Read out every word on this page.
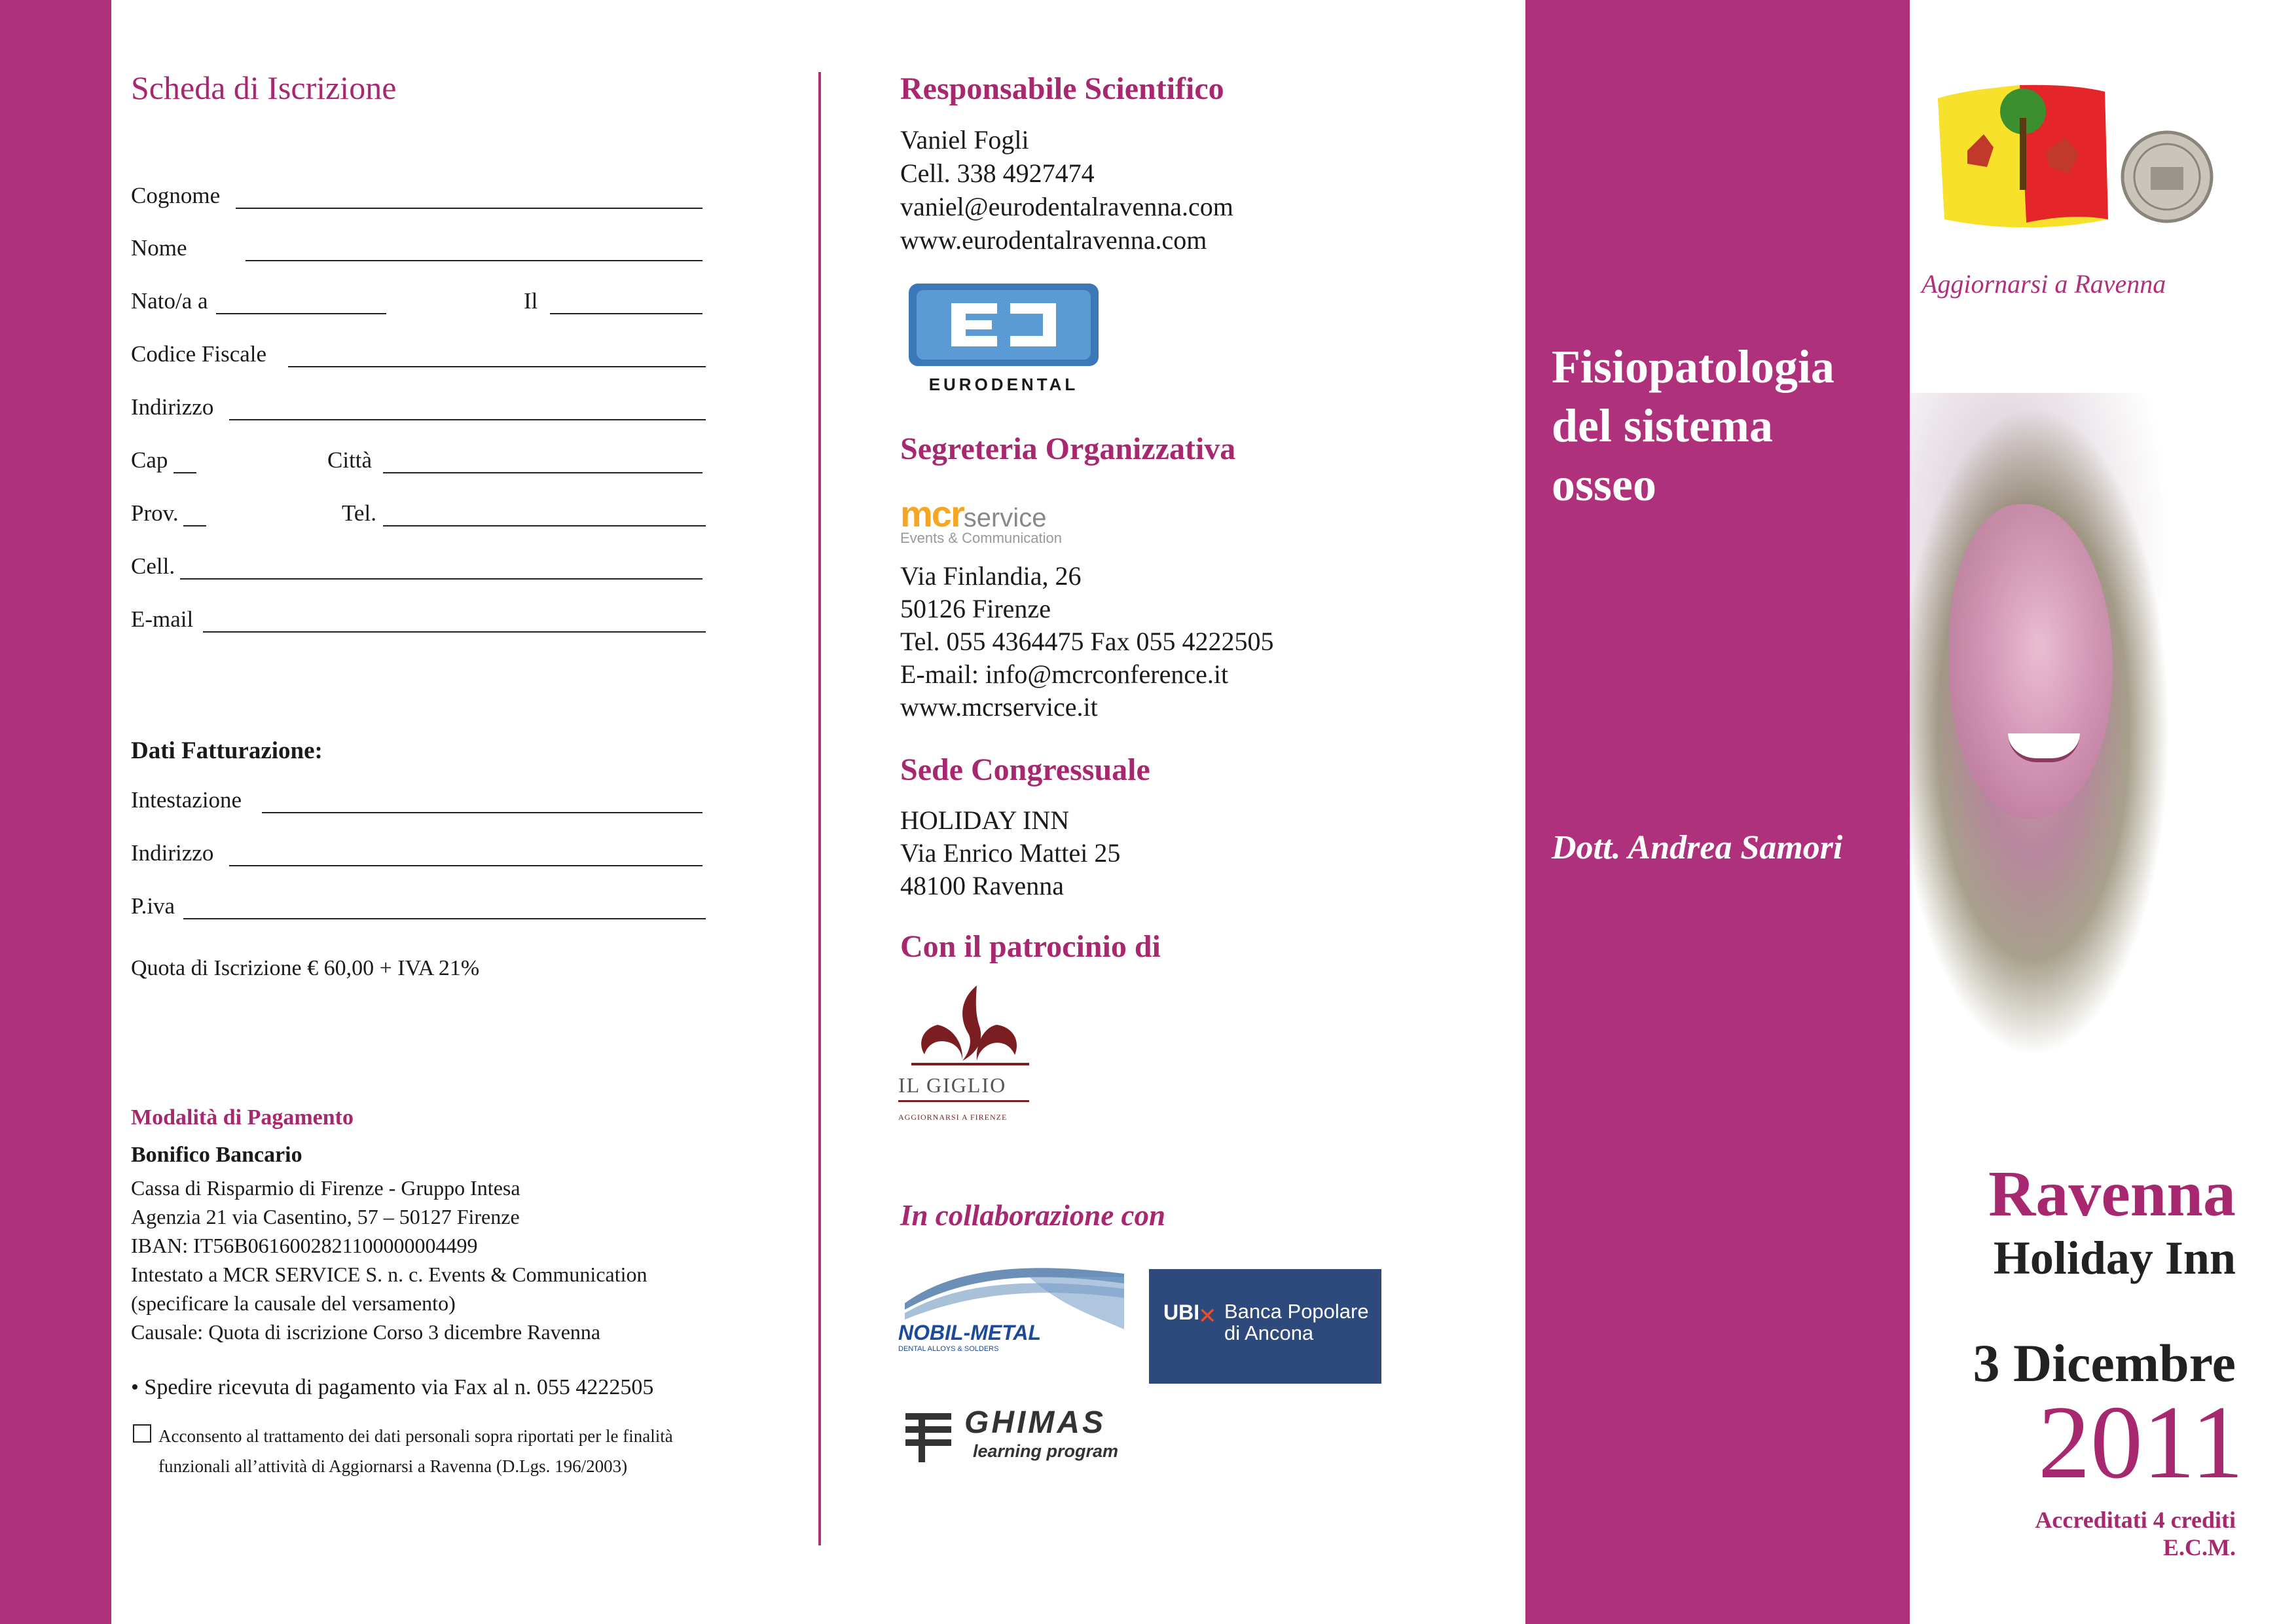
Scheda di Iscrizione
Cognome
Nome
Nato/a a	Il
Codice Fiscale
Indirizzo
Cap	Città
Prov.	Tel.
Cell.
E-mail
Dati Fatturazione:
Intestazione
Indirizzo
P.iva
Quota di Iscrizione € 60,00 + IVA 21%
Modalità di Pagamento
Bonifico Bancario
Cassa di Risparmio di Firenze - Gruppo Intesa
Agenzia 21 via Casentino, 57 – 50127 Firenze
IBAN: IT56B0616002821100000004499
Intestato a MCR SERVICE S. n. c. Events & Communication
(specificare la causale del versamento)
Causale: Quota di iscrizione Corso 3 dicembre Ravenna
• Spedire ricevuta di pagamento via Fax al n. 055 4222505
Acconsento al trattamento dei dati personali sopra riportati per le finalità
funzionali all’attività di Aggiornarsi a Ravenna (D.Lgs. 196/2003)
Responsabile Scientifico
Vaniel Fogli
Cell. 338 4927474
vaniel@eurodentalravenna.com
www.eurodentalravenna.com
EURODENTAL
Segreteria Organizzativa
mcrservice
Events & Communication
Via Finlandia, 26
50126 Firenze
Tel. 055 4364475 Fax 055 4222505
E-mail: info@mcrconference.it
www.mcrservice.it
Sede Congressuale
HOLIDAY INN
Via Enrico Mattei 25
48100 Ravenna
Con il patrocinio di
IL GIGLIO
AGGIORNARSI A FIRENZE
In collaborazione con
NOBIL-METAL
DENTAL ALLOYS & SOLDERS
UBI
✕ Banca Popolare
di Ancona
GHIMAS
learning program
Fisiopatologia
del sistema
osseo
Dott. Andrea Samori
Aggiornarsi a Ravenna
Ravenna
Holiday Inn
3 Dicembre
2011
Accreditati 4 crediti
E.C.M.
